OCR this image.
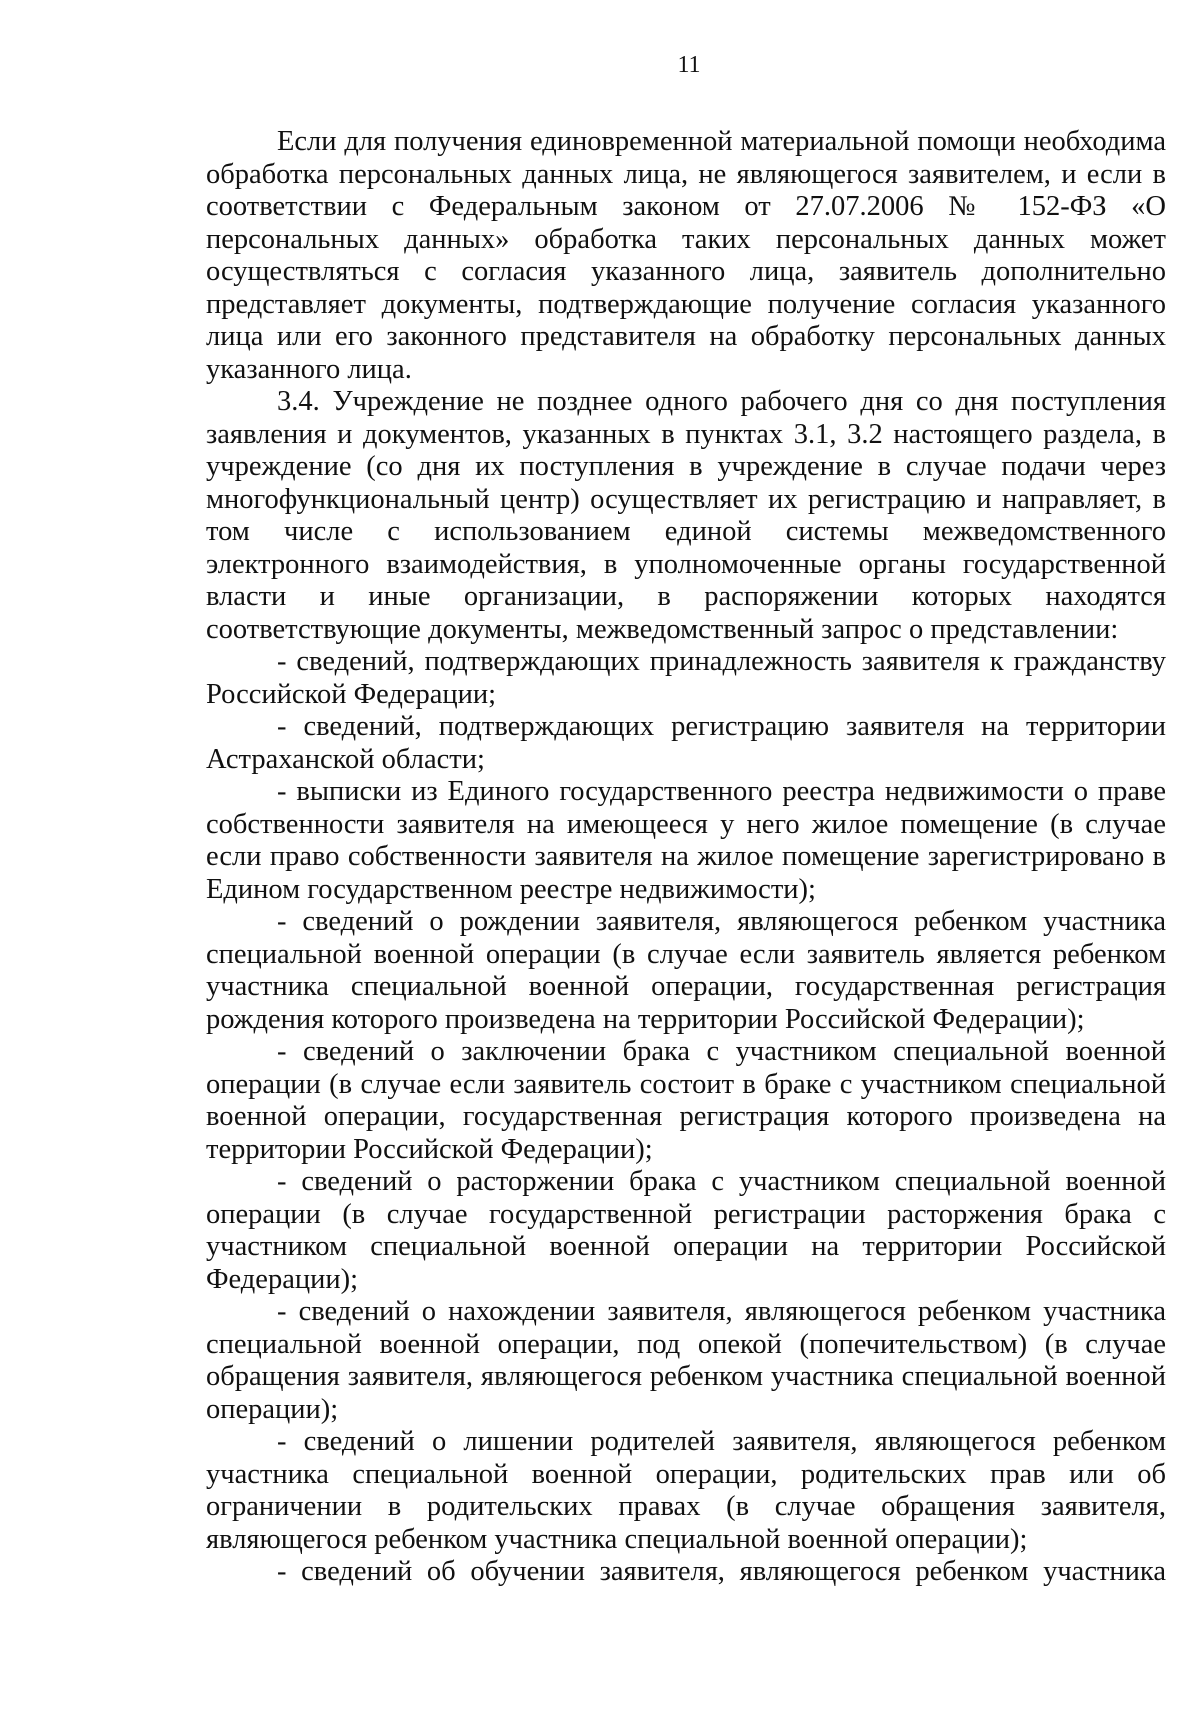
11

Если для получения единовременной материальной помощи необходима обработка персональных данных лица, не являющегося заявителем, и если в соответствии с Федеральным законом от 27.07.2006 № 152-ФЗ «О персональных данных» обработка таких персональных данных может осуществляться с согласия указанного лица, заявитель дополнительно представляет документы, подтверждающие получение согласия указанного лица или его законного представителя на обработку персональных данных указанного лица.

3.4. Учреждение не позднее одного рабочего дня со дня поступления заявления и документов, указанных в пунктах 3.1, 3.2 настоящего раздела, в учреждение (со дня их поступления в учреждение в случае подачи через многофункциональный центр) осуществляет их регистрацию и направляет, в том числе с использованием единой системы межведомственного электронного взаимодействия, в уполномоченные органы государственной власти и иные организации, в распоряжении которых находятся соответствующие документы, межведомственный запрос о представлении:

- сведений, подтверждающих принадлежность заявителя к гражданству Российской Федерации;

- сведений, подтверждающих регистрацию заявителя на территории Астраханской области;

- выписки из Единого государственного реестра недвижимости о праве собственности заявителя на имеющееся у него жилое помещение (в случае если право собственности заявителя на жилое помещение зарегистрировано в Едином государственном реестре недвижимости);

- сведений о рождении заявителя, являющегося ребенком участника специальной военной операции (в случае если заявитель является ребенком участника специальной военной операции, государственная регистрация рождения которого произведена на территории Российской Федерации);

- сведений о заключении брака с участником специальной военной операции (в случае если заявитель состоит в браке с участником специальной военной операции, государственная регистрация которого произведена на территории Российской Федерации);

- сведений о расторжении брака с участником специальной военной операции (в случае государственной регистрации расторжения брака с участником специальной военной операции на территории Российской Федерации);

- сведений о нахождении заявителя, являющегося ребенком участника специальной военной операции, под опекой (попечительством) (в случае обращения заявителя, являющегося ребенком участника специальной военной операции);

- сведений о лишении родителей заявителя, являющегося ребенком участника специальной военной операции, родительских прав или об ограничении в родительских правах (в случае обращения заявителя, являющегося ребенком участника специальной военной операции);

- сведений об обучении заявителя, являющегося ребенком участника
